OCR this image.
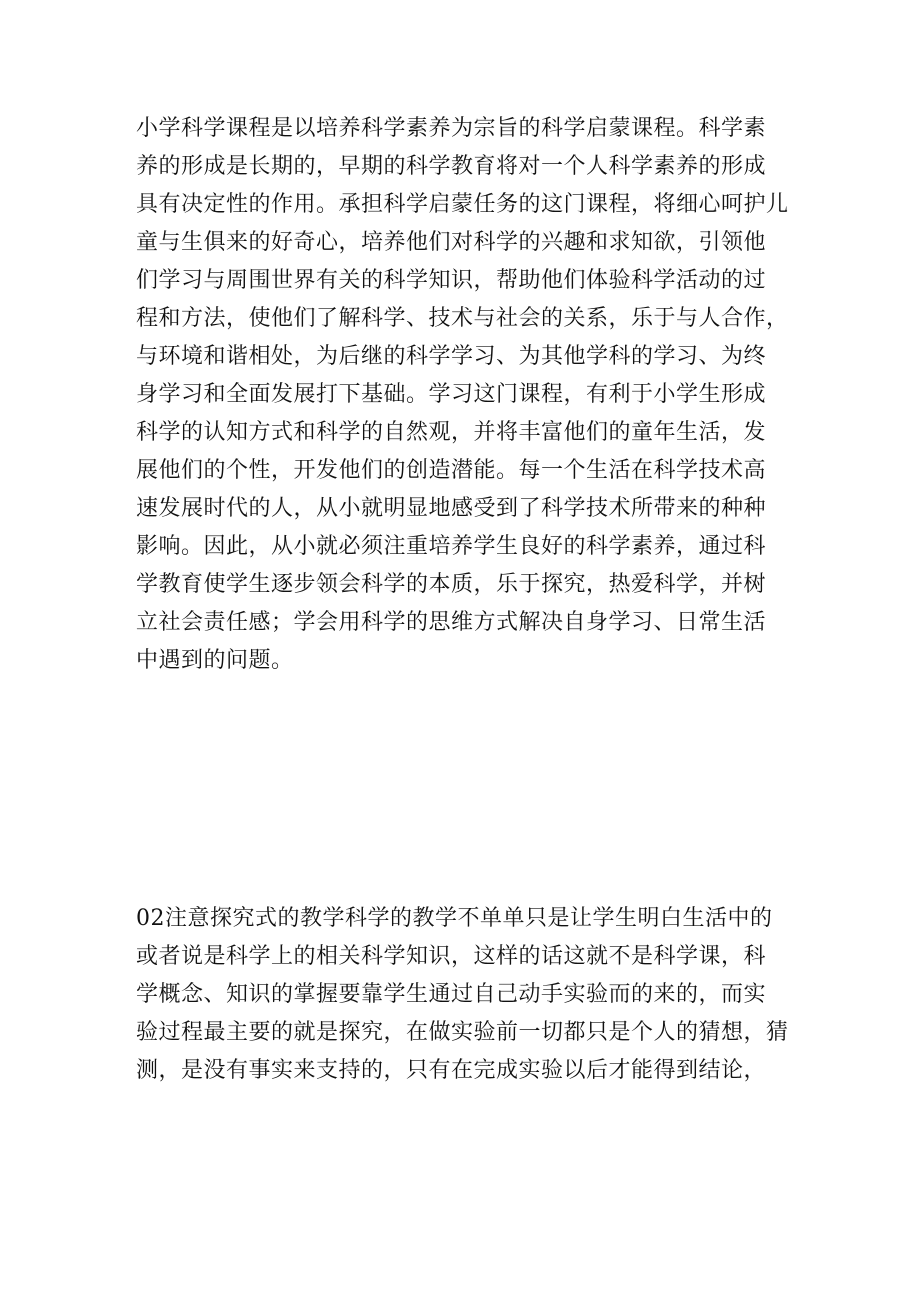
小学科学课程是以培养科学素养为宗旨的科学启蒙课程。科学素
养的形成是长期的，早期的科学教育将对一个人科学素养的形成
具有决定性的作用。承担科学启蒙任务的这门课程，将细心呵护儿
童与生俱来的好奇心，培养他们对科学的兴趣和求知欲，引领他
们学习与周围世界有关的科学知识，帮助他们体验科学活动的过
程和方法，使他们了解科学、技术与社会的关系，乐于与人合作，
与环境和谐相处，为后继的科学学习、为其他学科的学习、为终
身学习和全面发展打下基础。学习这门课程，有利于小学生形成
科学的认知方式和科学的自然观，并将丰富他们的童年生活，发
展他们的个性，开发他们的创造潜能。每一个生活在科学技术高
速发展时代的人，从小就明显地感受到了科学技术所带来的种种
影响。因此，从小就必须注重培养学生良好的科学素养，通过科
学教育使学生逐步领会科学的本质，乐于探究，热爱科学，并树
立社会责任感；学会用科学的思维方式解决自身学习、日常生活
中遇到的问题。
02注意探究式的教学科学的教学不单单只是让学生明白生活中的
或者说是科学上的相关科学知识，这样的话这就不是科学课，科
学概念、知识的掌握要靠学生通过自己动手实验而的来的，而实
验过程最主要的就是探究，在做实验前一切都只是个人的猜想，猜
测，是没有事实来支持的，只有在完成实验以后才能得到结论，
